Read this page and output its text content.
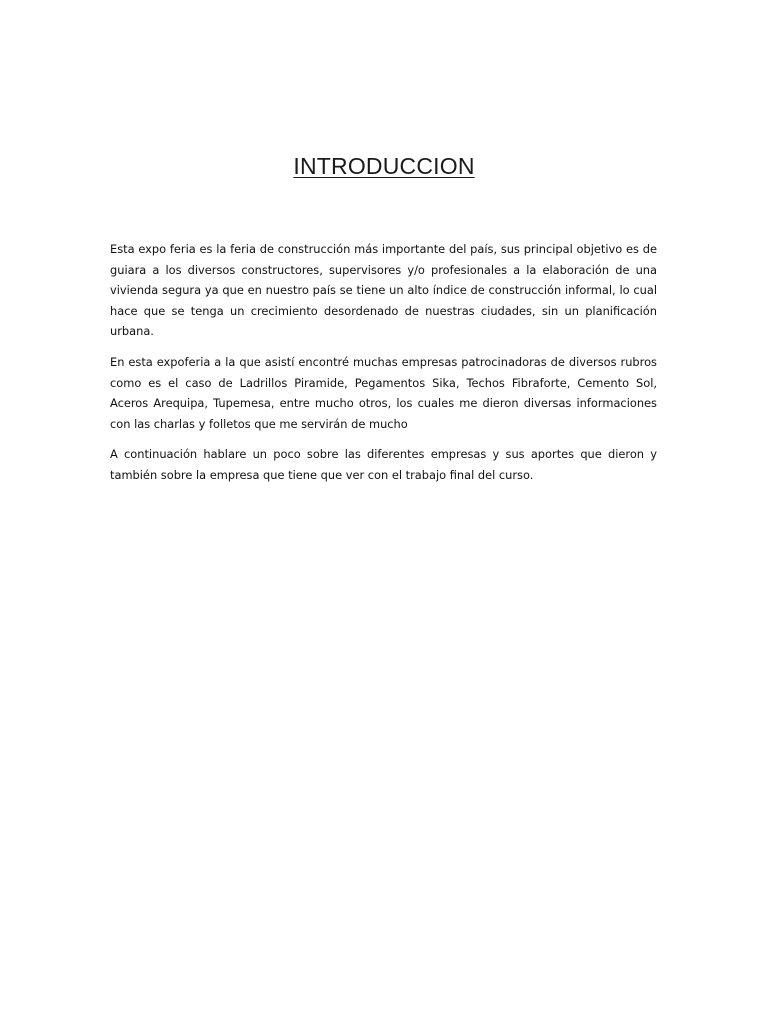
INTRODUCCION

Esta expo feria es la feria de construcción más importante del país, sus principal objetivo es de guiara a los diversos constructores, supervisores y/o profesionales a la elaboración de una vivienda segura ya que en nuestro país se tiene un alto índice de construcción informal, lo cual hace que se tenga un crecimiento desordenado de nuestras ciudades, sin un planificación urbana.

En esta expoferia a la que asistí encontré muchas empresas patrocinadoras de diversos rubros como es el caso de Ladrillos Piramide, Pegamentos Sika, Techos Fibraforte, Cemento Sol, Aceros Arequipa, Tupemesa, entre mucho otros, los cuales me dieron diversas informaciones con las charlas y folletos que me servirán de mucho

A continuación hablare un poco sobre las diferentes empresas y sus aportes que dieron y también sobre la empresa que tiene que ver con el trabajo final del curso.
